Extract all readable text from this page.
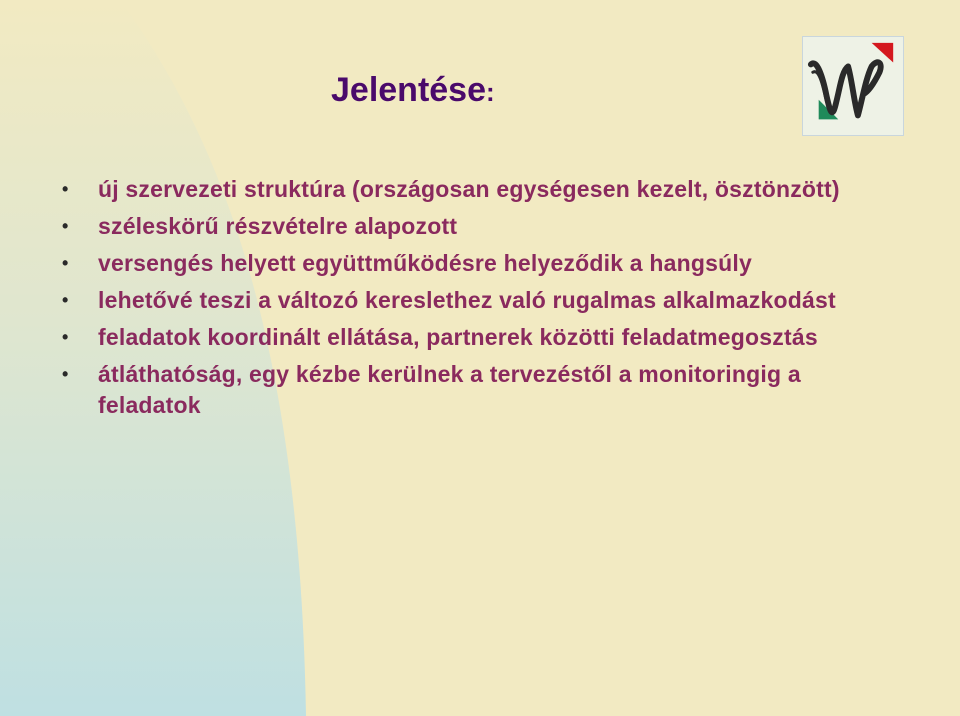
Jelentése:
• új szervezeti struktúra (országosan egységesen kezelt, ösztönzött)
• széleskörű részvételre alapozott
• versengés helyett együttműködésre helyeződik a hangsúly
• lehetővé teszi a változó kereslethez való rugalmas alkalmazkodást
• feladatok koordinált ellátása, partnerek közötti feladatmegosztás
• átláthatóság, egy kézbe kerülnek a tervezéstől a monitoringig a feladatok
